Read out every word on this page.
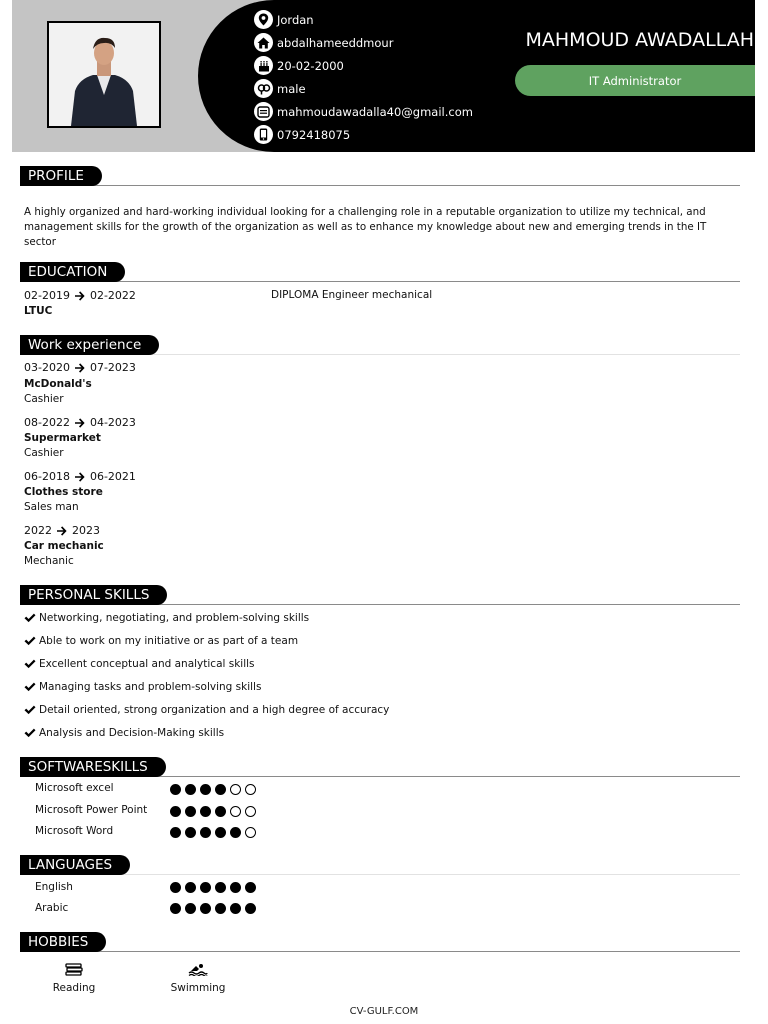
Jordan
abdalhameeddmour
20-02-2000
male
mahmoudawadalla40@gmail.com
0792418075
MAHMOUD AWADALLAH
IT Administrator
PROFILE
A highly organized and hard-working individual looking for a challenging role in a reputable organization to utilize my technical, and management skills for the growth of the organization as well as to enhance my knowledge about new and emerging trends in the IT sector
EDUCATION
02-2019 02-2022
LTUC
DIPLOMA Engineer mechanical
Work experience
03-2020 07-2023
McDonald's
Cashier
08-2022 04-2023
Supermarket
Cashier
06-2018 06-2021
Clothes store
Sales man
2022 2023
Car mechanic
Mechanic
PERSONAL SKILLS
Networking, negotiating, and problem-solving skills
Able to work on my initiative or as part of a team
Excellent conceptual and analytical skills
Managing tasks and problem-solving skills
Detail oriented, strong organization and a high degree of accuracy
Analysis and Decision-Making skills
SOFTWARESKILLS
Microsoft excel
Microsoft Power Point
Microsoft Word
LANGUAGES
English
Arabic
HOBBIES
Reading	Swimming
CV-GULF.COM
